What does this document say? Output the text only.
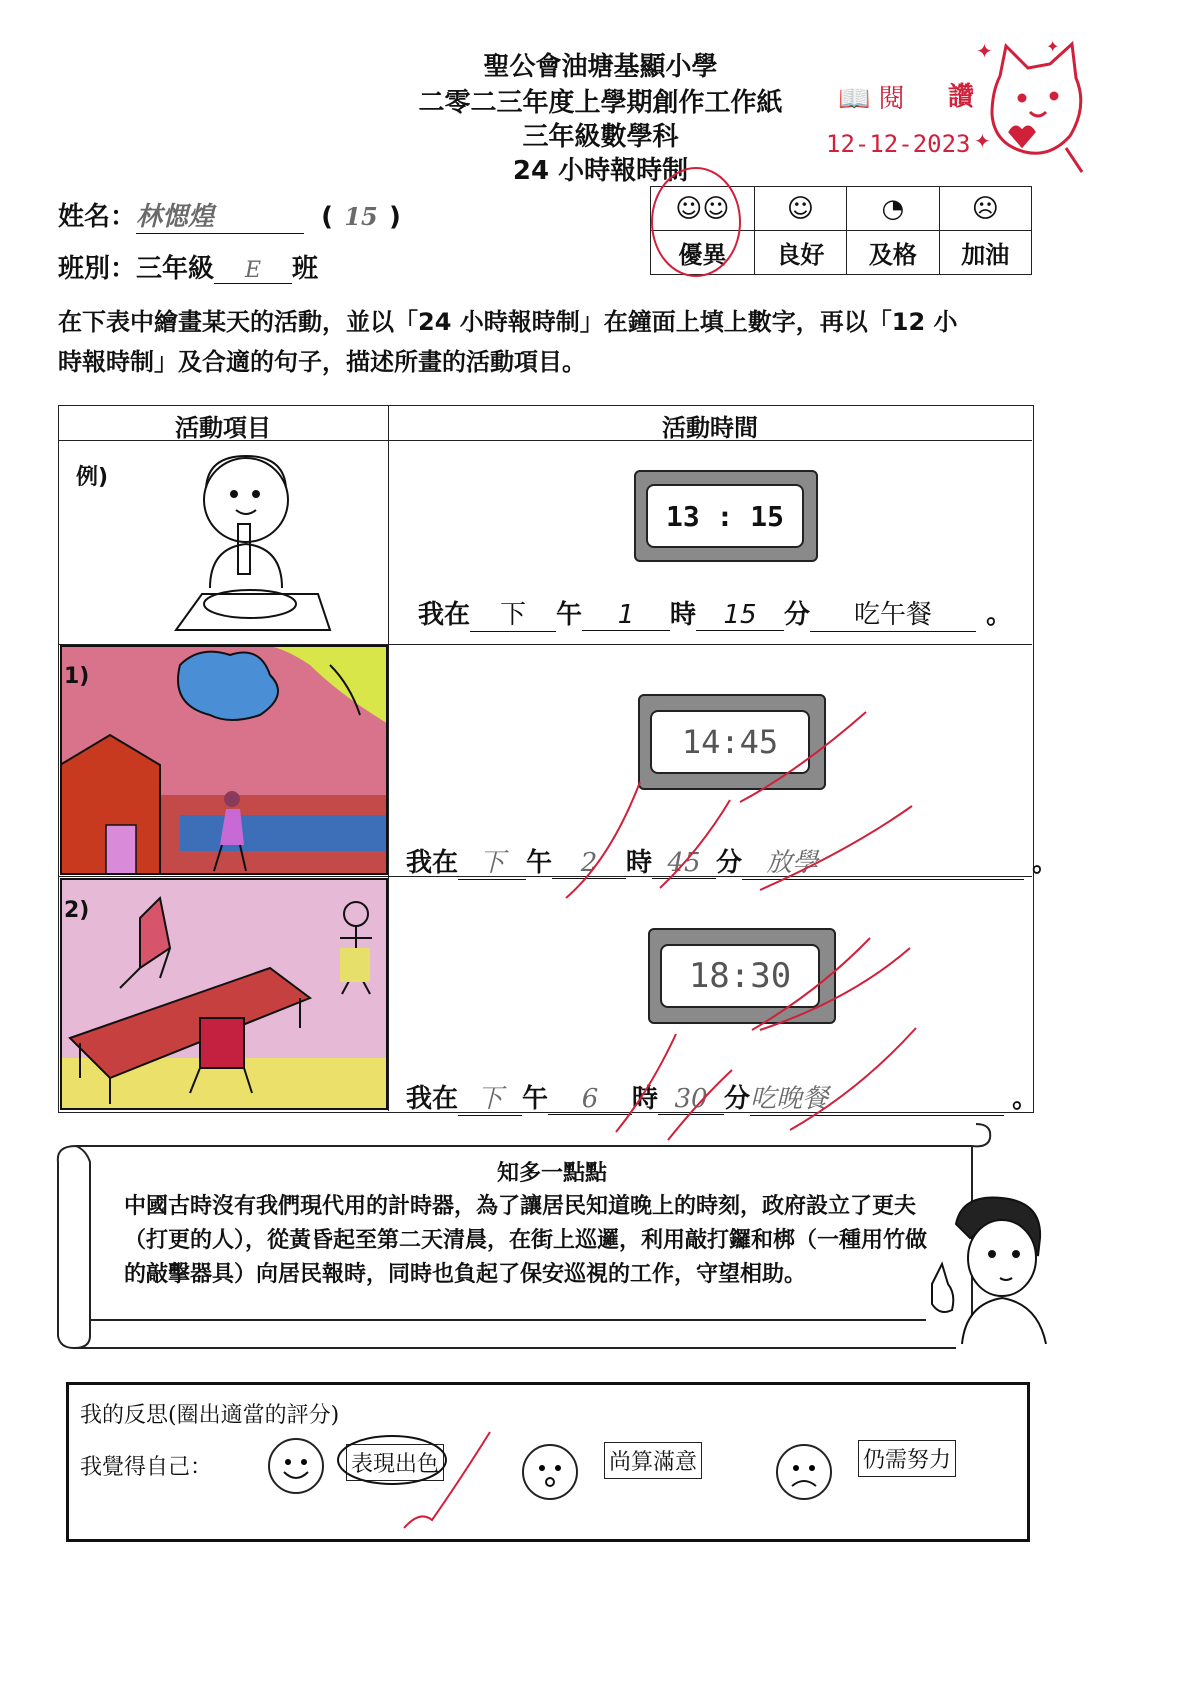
聖公會油塘基顯小學
二零二三年度上學期創作工作紙
三年級數學科
24 小時報時制
📖 閱 讚
12-12-2023
✦
✦
✦
姓名：林愢煌	( 15 )
班別：三年級 E 班
☺☺	☺	◔	☹
優異	良好	及格	加油
在下表中繪畫某天的活動，並以「24 小時報時制」在鐘面上填上數字，再以「12 小
時報時制」及合適的句子，描述所畫的活動項目。
活動項目	活動時間
例)
13 : 15
我在 下 午 1 時 15 分 吃午餐 。
1)
14:45
我在 下 午 2 時 45 分 放學	。
2)
18:30
我在 下 午 6 時 30 分吃晚餐	。
知多一點點
中國古時沒有我們現代用的計時器，為了讓居民知道晚上的時刻，政府設立了更夫
（打更的人），從黃昏起至第二天清晨，在街上巡邏，利用敲打鑼和梆（一種用竹做
的敲擊器具）向居民報時，同時也負起了保安巡視的工作，守望相助。
我的反思(圈出適當的評分)
我覺得自己：	表現出色	尚算滿意	仍需努力
